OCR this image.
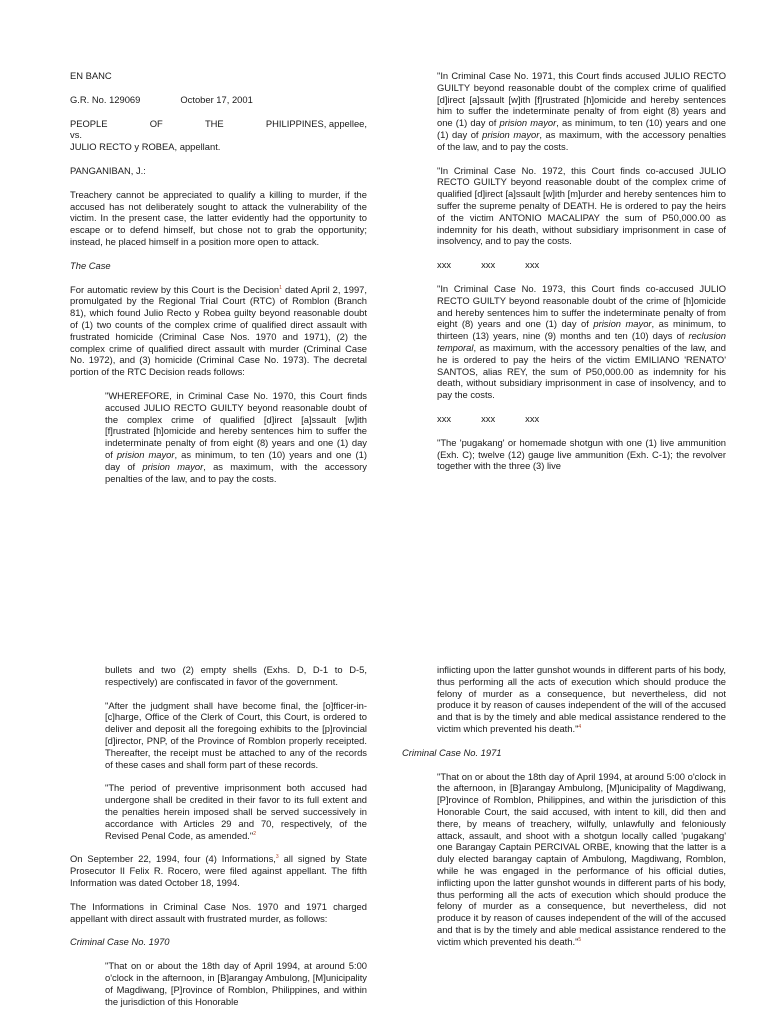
EN BANC

G.R. No. 129069	October 17, 2001

PEOPLE	OF	THE	PHILIPPINES, appellee,
vs.
JULIO RECTO y ROBEA, appellant.

PANGANIBAN, J.:

Treachery cannot be appreciated to qualify a killing to murder, if the accused has not deliberately sought to attack the vulnerability of the victim. In the present case, the latter evidently had the opportunity to escape or to defend himself, but chose not to grab the opportunity; instead, he placed himself in a position more open to attack.

The Case

For automatic review by this Court is the Decision$^1$ dated April 2, 1997, promulgated by the Regional Trial Court (RTC) of Romblon (Branch 81), which found Julio Recto y Robea guilty beyond reasonable doubt of (1) two counts of the complex crime of qualified direct assault with frustrated homicide (Criminal Case Nos. 1970 and 1971), (2) the complex crime of qualified direct assault with murder (Criminal Case No. 1972), and (3) homicide (Criminal Case No. 1973). The decretal portion of the RTC Decision reads follows:

"WHEREFORE, in Criminal Case No. 1970, this Court finds accused JULIO RECTO GUILTY beyond reasonable doubt of the complex crime of qualified [d]irect [a]ssault [w]ith [f]rustrated [h]omicide and hereby sentences him to suffer the indeterminate penalty of from eight (8) years and one (1) day of prision mayor, as minimum, to ten (10) years and one (1) day of prision mayor, as maximum, with the accessory penalties of the law, and to pay the costs.

"In Criminal Case No. 1971, this Court finds accused JULIO RECTO GUILTY beyond reasonable doubt of the complex crime of qualified [d]irect [a]ssault [w]ith [f]rustrated [h]omicide and hereby sentences him to suffer the indeterminate penalty of from eight (8) years and one (1) day of prision mayor, as minimum, to ten (10) years and one (1) day of prision mayor, as maximum, with the accessory penalties of the law, and to pay the costs.

"In Criminal Case No. 1972, this Court finds co-accused JULIO RECTO GUILTY beyond reasonable doubt of the complex crime of qualified [d]irect [a]ssault [w]ith [m]urder and hereby sentences him to suffer the supreme penalty of DEATH. He is ordered to pay the heirs of the victim ANTONIO MACALIPAY the sum of P50,000.00 as indemnity for his death, without subsidiary imprisonment in case of insolvency, and to pay the costs.

xxx	xxx	xxx

"In Criminal Case No. 1973, this Court finds co-accused JULIO RECTO GUILTY beyond reasonable doubt of the crime of [h]omicide and hereby sentences him to suffer the indeterminate penalty of from eight (8) years and one (1) day of prision mayor, as minimum, to thirteen (13) years, nine (9) months and ten (10) days of reclusion temporal, as maximum, with the accessory penalties of the law, and he is ordered to pay the heirs of the victim EMILIANO 'RENATO' SANTOS, alias REY, the sum of P50,000.00 as indemnity for his death, without subsidiary imprisonment in case of insolvency, and to pay the costs.

xxx	xxx	xxx

"The 'pugakang' or homemade shotgun with one (1) live ammunition (Exh. C); twelve (12) gauge live ammunition (Exh. C-1); the revolver together with the three (3) live

bullets and two (2) empty shells (Exhs. D, D-1 to D-5, respectively) are confiscated in favor of the government.

"After the judgment shall have become final, the [o]fficer-in-[c]harge, Office of the Clerk of Court, this Court, is ordered to deliver and deposit all the foregoing exhibits to the [p]rovincial [d]irector, PNP, of the Province of Romblon properly receipted. Thereafter, the receipt must be attached to any of the records of these cases and shall form part of these records.

"The period of preventive imprisonment both accused had undergone shall be credited in their favor to its full extent and the penalties herein imposed shall be served successively in accordance with Articles 29 and 70, respectively, of the Revised Penal Code, as amended."$^2$

On September 22, 1994, four (4) Informations,$^3$ all signed by State Prosecutor II Felix R. Rocero, were filed against appellant. The fifth Information was dated October 18, 1994.

The Informations in Criminal Case Nos. 1970 and 1971 charged appellant with direct assault with frustrated murder, as follows:

Criminal Case No. 1970

"That on or about the 18th day of April 1994, at around 5:00 o'clock in the afternoon, in [B]arangay Ambulong, [M]unicipality of Magdiwang, [P]rovince of Romblon, Philippines, and within the jurisdiction of this Honorable

inflicting upon the latter gunshot wounds in different parts of his body, thus performing all the acts of execution which should produce the felony of murder as a consequence, but nevertheless, did not produce it by reason of causes independent of the will of the accused and that is by the timely and able medical assistance rendered to the victim which prevented his death."$^4$

Criminal Case No. 1971

"That on or about the 18th day of April 1994, at around 5:00 o'clock in the afternoon, in [B]arangay Ambulong, [M]unicipality of Magdiwang, [P]rovince of Romblon, Philippines, and within the jurisdiction of this Honorable Court, the said accused, with intent to kill, did then and there, by means of treachery, wilfully, unlawfully and feloniously attack, assault, and shoot with a shotgun locally called 'pugakang' one Barangay Captain PERCIVAL ORBE, knowing that the latter is a duly elected barangay captain of Ambulong, Magdiwang, Romblon, while he was engaged in the performance of his official duties, inflicting upon the latter gunshot wounds in different parts of his body, thus performing all the acts of execution which should produce the felony of murder as a consequence, but nevertheless, did not produce it by reason of causes independent of the will of the accused and that is by the timely and able medical assistance rendered to the victim which prevented his death."$^5$
